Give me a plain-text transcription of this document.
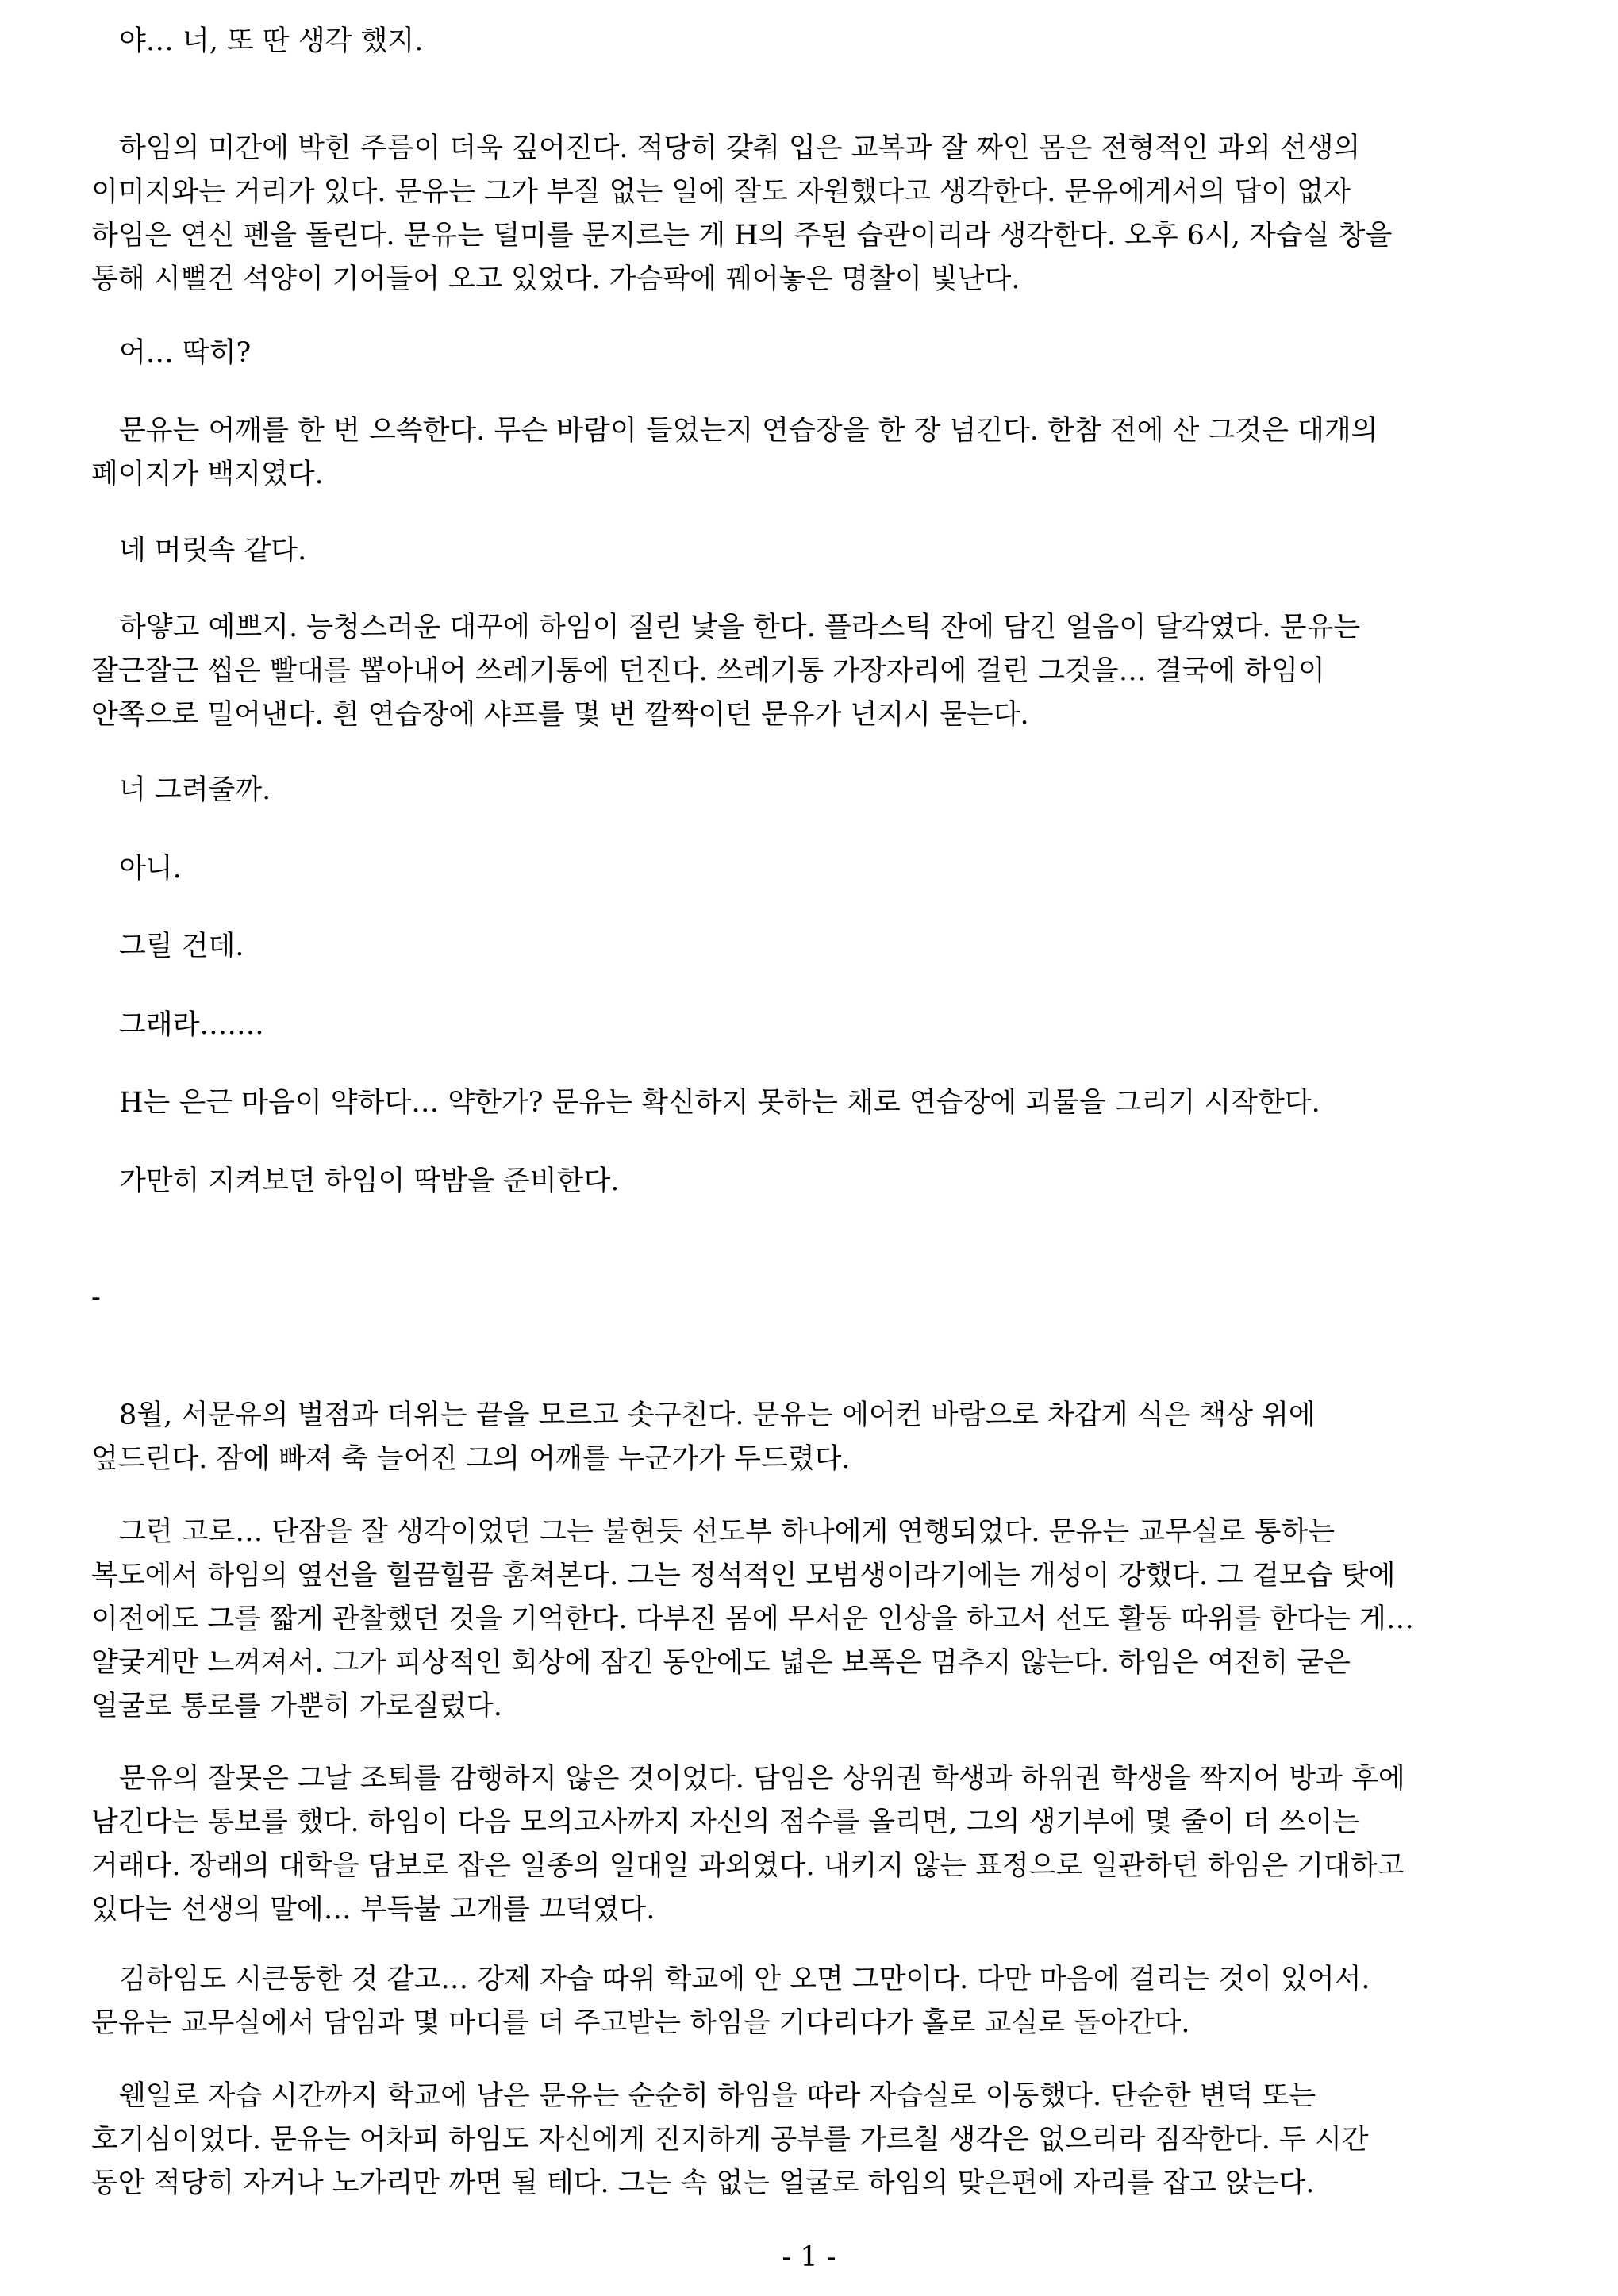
　야… 너, 또 딴 생각 했지.

　하임의 미간에 박힌 주름이 더욱 깊어진다. 적당히 갖춰 입은 교복과 잘 짜인 몸은 전형적인 과외 선생의
이미지와는 거리가 있다. 문유는 그가 부질 없는 일에 잘도 자원했다고 생각한다. 문유에게서의 답이 없자
하임은 연신 펜을 돌린다. 문유는 덜미를 문지르는 게 H의 주된 습관이리라 생각한다. 오후 6시, 자습실 창을
통해 시뻘건 석양이 기어들어 오고 있었다. 가슴팍에 꿰어놓은 명찰이 빛난다.

　어… 딱히?

　문유는 어깨를 한 번 으쓱한다. 무슨 바람이 들었는지 연습장을 한 장 넘긴다. 한참 전에 산 그것은 대개의
페이지가 백지였다.

　네 머릿속 같다.

　하얗고 예쁘지. 능청스러운 대꾸에 하임이 질린 낯을 한다. 플라스틱 잔에 담긴 얼음이 달각였다. 문유는
잘근잘근 씹은 빨대를 뽑아내어 쓰레기통에 던진다. 쓰레기통 가장자리에 걸린 그것을… 결국에 하임이
안쪽으로 밀어낸다. 흰 연습장에 샤프를 몇 번 깔짝이던 문유가 넌지시 묻는다.

　너 그려줄까.

　아니.

　그릴 건데.

　그래라…….

　H는 은근 마음이 약하다… 약한가? 문유는 확신하지 못하는 채로 연습장에 괴물을 그리기 시작한다.

　가만히 지켜보던 하임이 딱밤을 준비한다.

-

　8월, 서문유의 벌점과 더위는 끝을 모르고 솟구친다. 문유는 에어컨 바람으로 차갑게 식은 책상 위에
엎드린다. 잠에 빠져 축 늘어진 그의 어깨를 누군가가 두드렸다.

　그런 고로… 단잠을 잘 생각이었던 그는 불현듯 선도부 하나에게 연행되었다. 문유는 교무실로 통하는
복도에서 하임의 옆선을 힐끔힐끔 훔쳐본다. 그는 정석적인 모범생이라기에는 개성이 강했다. 그 겉모습 탓에
이전에도 그를 짧게 관찰했던 것을 기억한다. 다부진 몸에 무서운 인상을 하고서 선도 활동 따위를 한다는 게…
얄궂게만 느껴져서. 그가 피상적인 회상에 잠긴 동안에도 넓은 보폭은 멈추지 않는다. 하임은 여전히 굳은
얼굴로 통로를 가뿐히 가로질렀다.

　문유의 잘못은 그날 조퇴를 감행하지 않은 것이었다. 담임은 상위권 학생과 하위권 학생을 짝지어 방과 후에
남긴다는 통보를 했다. 하임이 다음 모의고사까지 자신의 점수를 올리면, 그의 생기부에 몇 줄이 더 쓰이는
거래다. 장래의 대학을 담보로 잡은 일종의 일대일 과외였다. 내키지 않는 표정으로 일관하던 하임은 기대하고
있다는 선생의 말에… 부득불 고개를 끄덕였다.

　김하임도 시큰둥한 것 같고… 강제 자습 따위 학교에 안 오면 그만이다. 다만 마음에 걸리는 것이 있어서.
문유는 교무실에서 담임과 몇 마디를 더 주고받는 하임을 기다리다가 홀로 교실로 돌아간다.

　웬일로 자습 시간까지 학교에 남은 문유는 순순히 하임을 따라 자습실로 이동했다. 단순한 변덕 또는
호기심이었다. 문유는 어차피 하임도 자신에게 진지하게 공부를 가르칠 생각은 없으리라 짐작한다. 두 시간
동안 적당히 자거나 노가리만 까면 될 테다. 그는 속 없는 얼굴로 하임의 맞은편에 자리를 잡고 앉는다.

- 1 -
